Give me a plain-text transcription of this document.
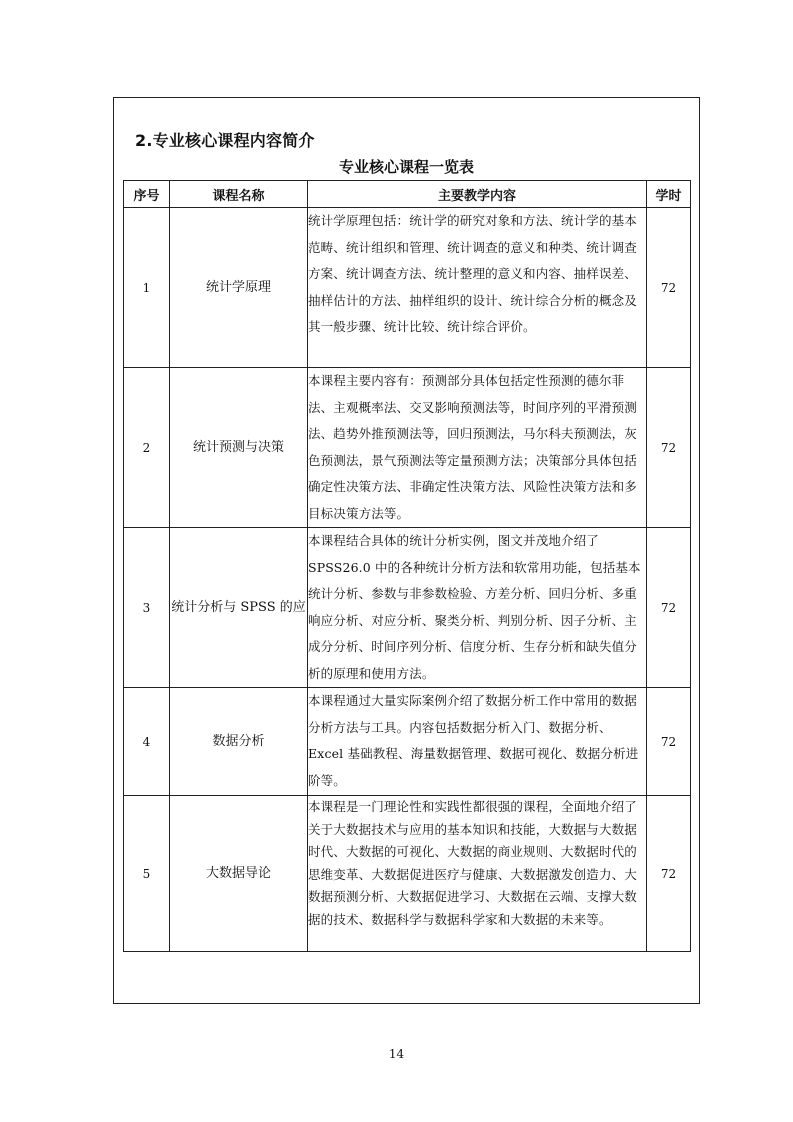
2.专业核心课程内容简介
专业核心课程一览表
序号	课程名称	主要教学内容	学时
1	统计学原理	统计学原理包括：统计学的研究对象和方法、统计学的基本范畴、统计组织和管理、统计调查的意义和种类、统计调查方案、统计调查方法、统计整理的意义和内容、抽样误差、抽样估计的方法、抽样组织的设计、统计综合分析的概念及其一般步骤、统计比较、统计综合评价。	72
2	统计预测与决策	本课程主要内容有：预测部分具体包括定性预测的德尔菲法、主观概率法、交叉影响预测法等，时间序列的平滑预测法、趋势外推预测法等，回归预测法，马尔科夫预测法，灰色预测法，景气预测法等定量预测方法；决策部分具体包括确定性决策方法、非确定性决策方法、风险性决策方法和多目标决策方法等。	72
3	统计分析与 SPSS 的应	本课程结合具体的统计分析实例，图文并茂地介绍了 SPSS26.0 中的各种统计分析方法和软常用功能，包括基本统计分析、参数与非参数检验、方差分析、回归分析、多重响应分析、对应分析、聚类分析、判别分析、因子分析、主成分分析、时间序列分析、信度分析、生存分析和缺失值分析的原理和使用方法。	72
4	数据分析	本课程通过大量实际案例介绍了数据分析工作中常用的数据分析方法与工具。内容包括数据分析入门、数据分析、Excel 基础教程、海量数据管理、数据可视化、数据分析进阶等。	72
5	大数据导论	本课程是一门理论性和实践性都很强的课程，全面地介绍了关于大数据技术与应用的基本知识和技能，大数据与大数据时代、大数据的可视化、大数据的商业规则、大数据时代的思维变革、大数据促进医疗与健康、大数据激发创造力、大数据预测分析、大数据促进学习、大数据在云端、支撑大数据的技术、数据科学与数据科学家和大数据的未来等。	72
14
